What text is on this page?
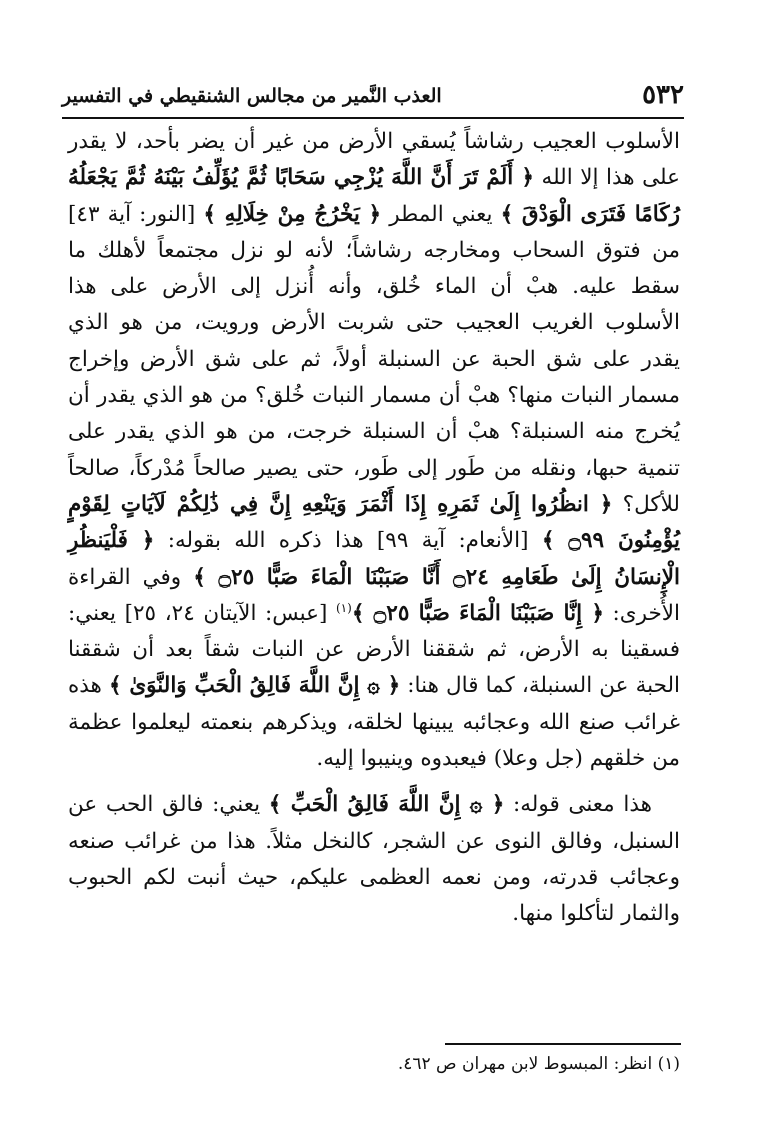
٥٣٢
العذب النَّمير من مجالس الشنقيطي في التفسير

الأسلوب العجيب رشاشاً يُسقي الأرض من غير أن يضر بأحد، لا يقدر على هذا إلا الله ﴿ أَلَمْ تَرَ أَنَّ اللَّهَ يُزْجِي سَحَابًا ثُمَّ يُؤَلِّفُ بَيْنَهُ ثُمَّ يَجْعَلُهُ رُكَامًا فَتَرَى الْوَدْقَ ﴾ يعني المطر ﴿ يَخْرُجُ مِنْ خِلَالِهِ ﴾ [النور: آية ٤٣] من فتوق السحاب ومخارجه رشاشاً؛ لأنه لو نزل مجتمعاً لأهلك ما سقط عليه. هبْ أن الماء خُلق، وأنه أُنزل إلى الأرض على هذا الأسلوب الغريب العجيب حتى شربت الأرض ورويت، من هو الذي يقدر على شق الحبة عن السنبلة أولاً، ثم على شق الأرض وإخراج مسمار النبات منها؟ هبْ أن مسمار النبات خُلق؟ من هو الذي يقدر أن يُخرج منه السنبلة؟ هبْ أن السنبلة خرجت، من هو الذي يقدر على تنمية حبها، ونقله من طَور إلى طَور، حتى يصير صالحاً مُدْركاً، صالحاً للأكل؟ ﴿ انظُرُوا إِلَىٰ ثَمَرِهِ إِذَا أَثْمَرَ وَيَنْعِهِ إِنَّ فِي ذَٰلِكُمْ لَآيَاتٍ لِقَوْمٍ يُؤْمِنُونَ ۝٩٩ ﴾ [الأنعام: آية ٩٩] هذا ذكره الله بقوله: ﴿ فَلْيَنظُرِ الْإِنسَانُ إِلَىٰ طَعَامِهِ ۝٢٤ أَنَّا صَبَبْنَا الْمَاءَ صَبًّا ۝٢٥ ﴾ وفي القراءة الأُخرى: ﴿ إِنَّا صَبَبْنَا الْمَاءَ صَبًّا ۝٢٥ ﴾$^{(١)}$ [عبس: الآيتان ٢٤، ٢٥] يعني: فسقينا به الأرض، ثم شققنا الأرض عن النبات شقاً بعد أن شققنا الحبة عن السنبلة، كما قال هنا: ﴿ ۞ إِنَّ اللَّهَ فَالِقُ الْحَبِّ وَالنَّوَىٰ ﴾ هذه غرائب صنع الله وعجائبه يبينها لخلقه، ويذكرهم بنعمته ليعلموا عظمة من خلقهم (جل وعلا) فيعبدوه وينيبوا إليه.

هذا معنى قوله: ﴿ ۞ إِنَّ اللَّهَ فَالِقُ الْحَبِّ ﴾ يعني: فالق الحب عن السنبل، وفالق النوى عن الشجر، كالنخل مثلاً. هذا من غرائب صنعه وعجائب قدرته، ومن نعمه العظمى عليكم، حيث أنبت لكم الحبوب والثمار لتأكلوا منها.

(١) انظر: المبسوط لابن مهران ص ٤٦٢.
